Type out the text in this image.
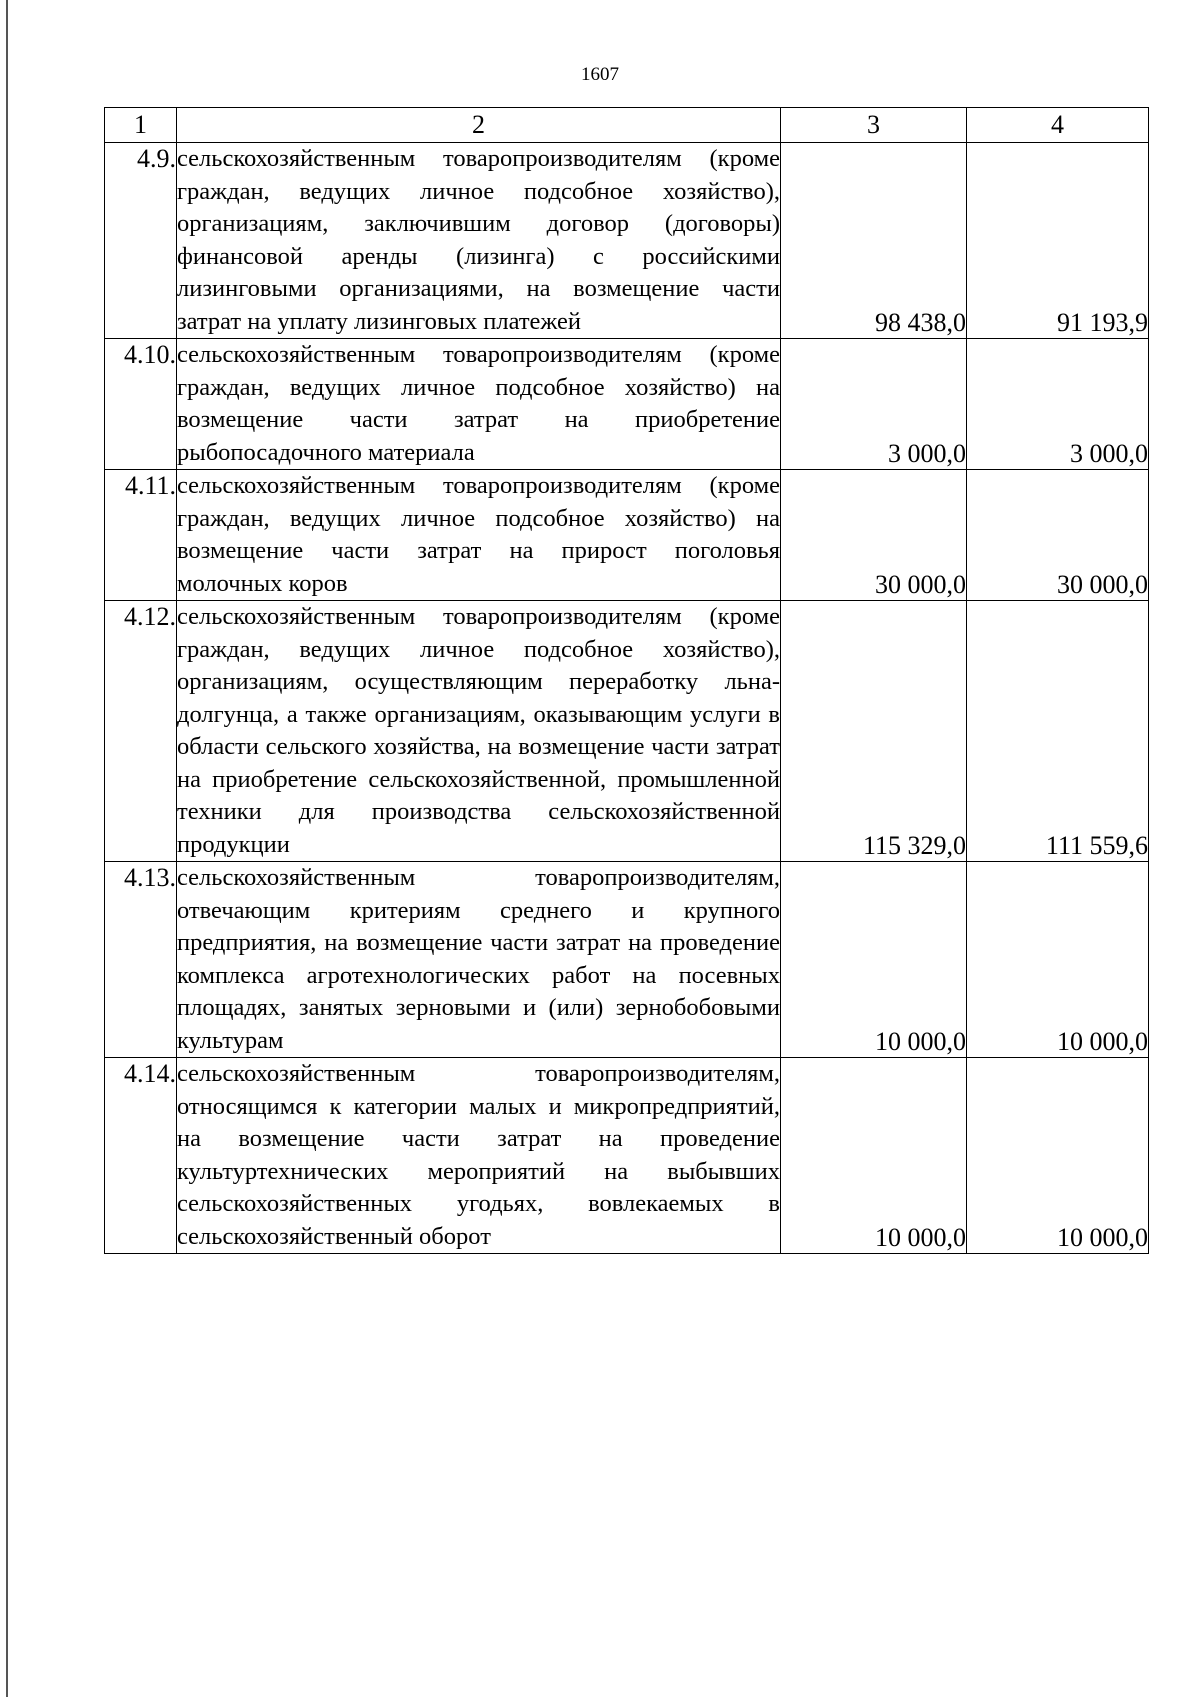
1607
1	2	3	4
4.9.	сельскохозяйственным товаропроизводителям (кроме граждан, ведущих личное подсобное хозяйство), организациям, заключившим договор (договоры) финансовой аренды (лизинга) с российскими лизинговыми организациями, на возмещение части затрат на уплату лизинговых платежей	98 438,0	91 193,9
4.10.	сельскохозяйственным товаропроизводителям (кроме граждан, ведущих личное подсобное хозяйство) на возмещение части затрат на приобретение рыбопосадочного материала	3 000,0	3 000,0
4.11.	сельскохозяйственным товаропроизводителям (кроме граждан, ведущих личное подсобное хозяйство) на возмещение части затрат на прирост поголовья молочных коров	30 000,0	30 000,0
4.12.	сельскохозяйственным товаропроизводителям (кроме граждан, ведущих личное подсобное хозяйство), организациям, осуществляющим переработку льна-долгунца, а также организациям, оказывающим услуги в области сельского хозяйства, на возмещение части затрат на приобретение сельскохозяйственной, промышленной техники для производства сельскохозяйственной продукции	115 329,0	111 559,6
4.13.	сельскохозяйственным товаропроизводителям, отвечающим критериям среднего и крупного предприятия, на возмещение части затрат на проведение комплекса агротехнологических работ на посевных площадях, занятых зерновыми и (или) зернобобовыми культурам	10 000,0	10 000,0
4.14.	сельскохозяйственным товаропроизводителям, относящимся к категории малых и микропредприятий, на возмещение части затрат на проведение культуртехнических мероприятий на выбывших сельскохозяйственных угодьях, вовлекаемых в сельскохозяйственный оборот	10 000,0	10 000,0
